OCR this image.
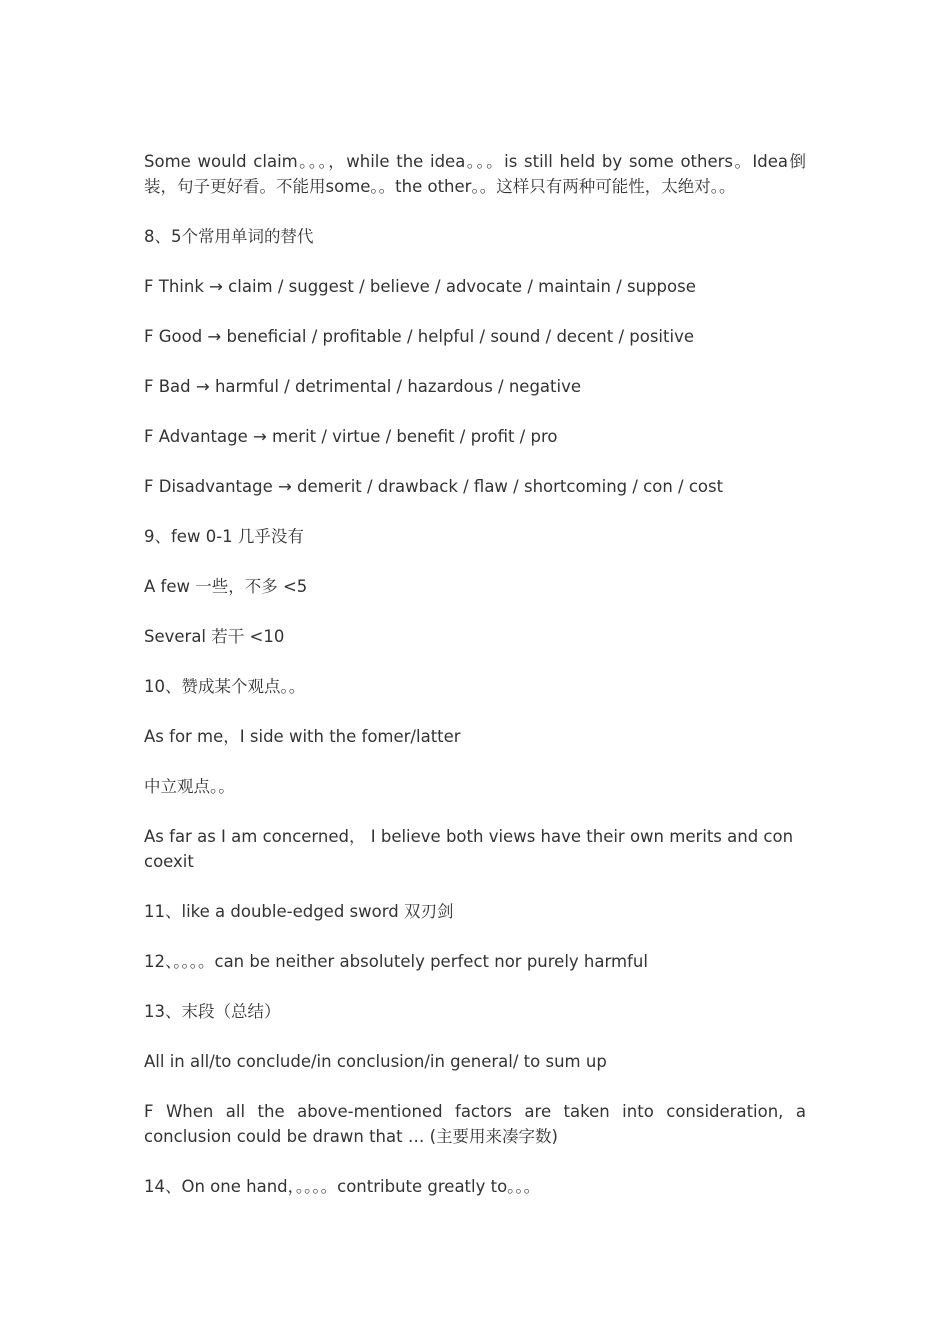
Some would claim。。。，while the idea。。。is still held by some others。Idea倒装，句子更好看。不能用some。。the other。。这样只有两种可能性，太绝对。。

8、5个常用单词的替代

F Think → claim / suggest / believe / advocate / maintain / suppose

F Good → beneficial / profitable / helpful / sound / decent / positive

F Bad → harmful / detrimental / hazardous / negative

F Advantage → merit / virtue / benefit / profit / pro

F Disadvantage → demerit / drawback / flaw / shortcoming / con / cost

9、few 0-1 几乎没有

A few 一些，不多 <5

Several 若干 <10

10、赞成某个观点。。

As for me，I side with the fomer/latter

中立观点。。

As far as I am concerned， I believe both views have their own merits and con coexit

11、like a double-edged sword 双刃剑

12、。。。。can be neither absolutely perfect nor purely harmful

13、末段（总结）

All in all/to conclude/in conclusion/in general/ to sum up

F When all the above-mentioned factors are taken into consideration, a conclusion could be drawn that … (主要用来凑字数)

14、On one hand，。。。。contribute greatly to。。。
